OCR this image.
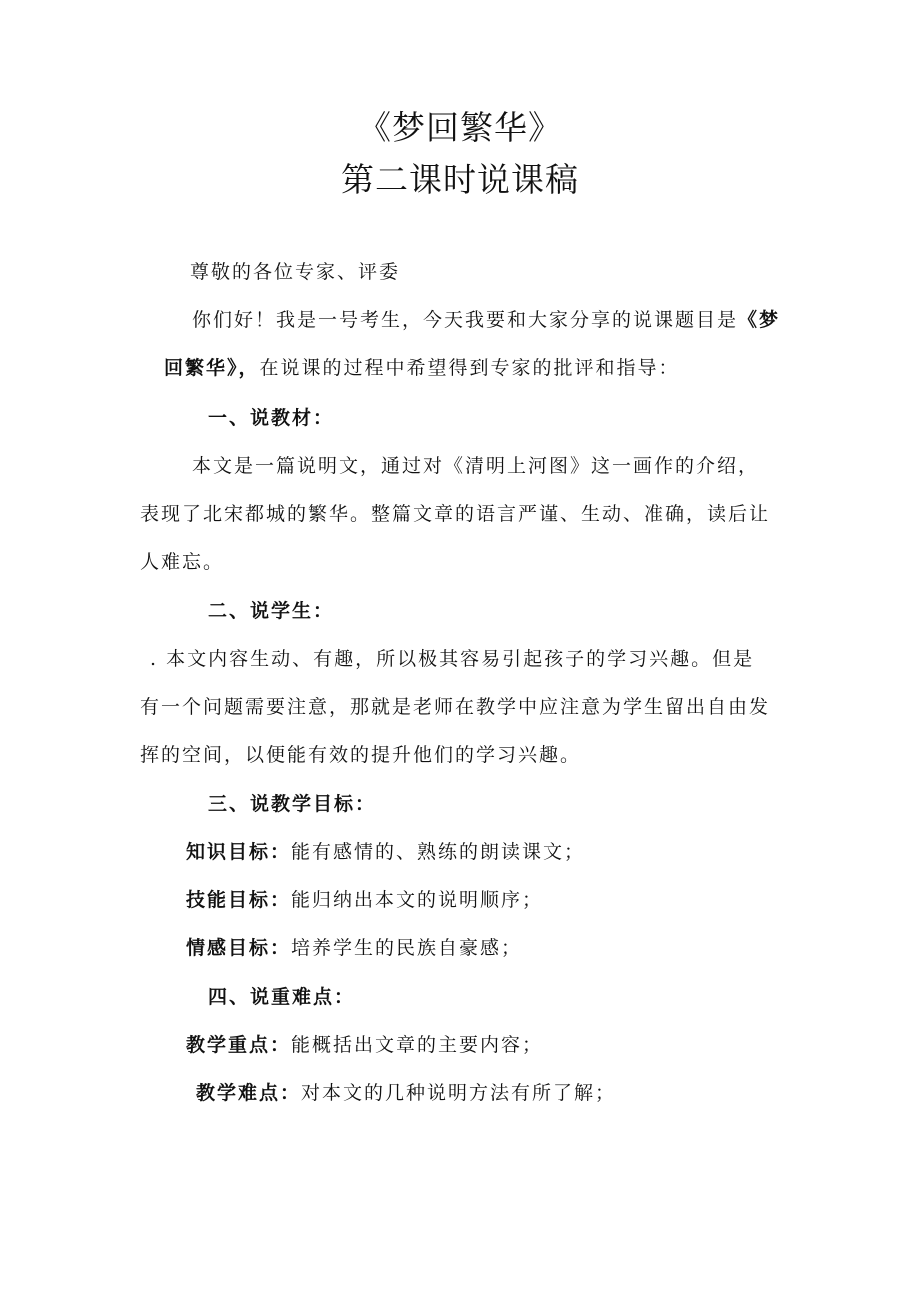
《梦回繁华》
第二课时说课稿
尊敬的各位专家、评委
你们好！我是一号考生，今天我要和大家分享的说课题目是《梦
回繁华》，在说课的过程中希望得到专家的批评和指导：
一、说教材：
本文是一篇说明文，通过对《清明上河图》这一画作的介绍，
表现了北宋都城的繁华。整篇文章的语言严谨、生动、准确，读后让
人难忘。
二、说学生：
. 本文内容生动、有趣，所以极其容易引起孩子的学习兴趣。但是
有一个问题需要注意，那就是老师在教学中应注意为学生留出自由发
挥的空间，以便能有效的提升他们的学习兴趣。
三、说教学目标：
知识目标：能有感情的、熟练的朗读课文；
技能目标：能归纳出本文的说明顺序；
情感目标：培养学生的民族自豪感；
四、说重难点：
教学重点：能概括出文章的主要内容；
教学难点：对本文的几种说明方法有所了解；
